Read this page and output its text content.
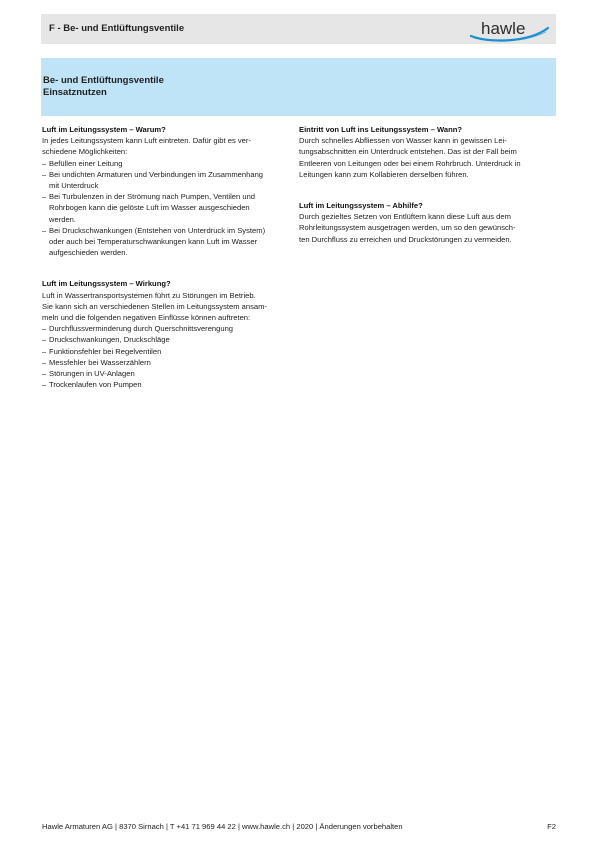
F - Be- und Entlüftungsventile	hawle
Be- und Entlüftungsventile
Einsatznutzen
Luft im Leitungssystem – Warum?
In jedes Leitungssystem kann Luft eintreten. Dafür gibt es ver-
schiedene Möglichkeiten:
– Befüllen einer Leitung
– Bei undichten Armaturen und Verbindungen im Zusammenhang
mit Unterdruck
– Bei Turbulenzen in der Strömung nach Pumpen, Ventilen und
Rohrbogen kann die gelöste Luft im Wasser ausgeschieden
werden.
– Bei Druckschwankungen (Entstehen von Unterdruck im System)
oder auch bei Temperaturschwankungen kann Luft im Wasser
aufgeschieden werden.
Luft im Leitungssystem – Wirkung?
Luft in Wassertransportsystemen führt zu Störungen im Betrieb.
Sie kann sich an verschiedenen Stellen im Leitungssystem ansam-
meln und die folgenden negativen Einflüsse können auftreten:
– Durchflussverminderung durch Querschnittsverengung
– Druckschwankungen, Druckschläge
– Funktionsfehler bei Regelventilen
– Messfehler bei Wasserzählern
– Störungen in UV-Anlagen
– Trockenlaufen von Pumpen
Eintritt von Luft ins Leitungssystem – Wann?
Durch schnelles Abfliessen von Wasser kann in gewissen Lei-
tungsabschnitten ein Unterdruck entstehen. Das ist der Fall beim
Entleeren von Leitungen oder bei einem Rohrbruch. Unterdruck in
Leitungen kann zum Kollabieren derselben führen.
Luft im Leitungssystem – Abhilfe?
Durch gezieltes Setzen von Entlüftern kann diese Luft aus dem
Rohrleitungssystem ausgetragen werden, um so den gewünsch-
ten Durchfluss zu erreichen und Druckstörungen zu vermeiden.
Hawle Armaturen AG | 8370 Sirnach | T +41 71 969 44 22 | www.hawle.ch | 2020 | Änderungen vorbehalten	F2
